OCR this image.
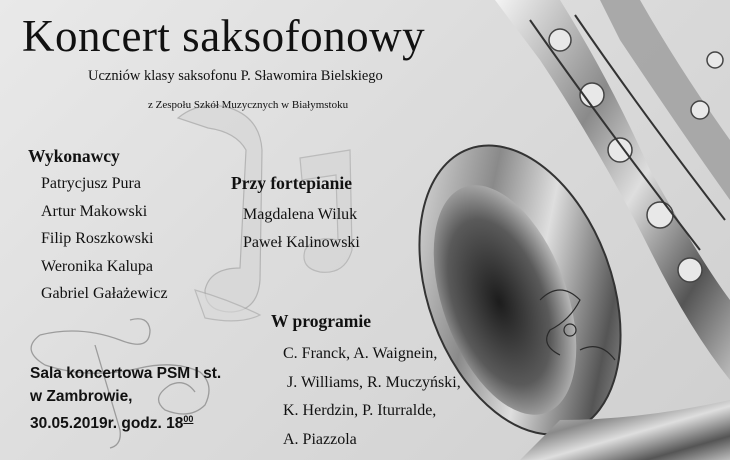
Koncert saksofonowy
Uczniów klasy saksofonu P. Sławomira Bielskiego
z Zespołu Szkół Muzycznych w Białymstoku
Wykonawcy
Patrycjusz Pura
Artur Makowski
Filip Roszkowski
Weronika Kalupa
Gabriel Gałażewicz
Przy fortepianie
Magdalena Wiluk
Paweł Kalinowski
W programie
C. Franck, A. Waignein,
J. Williams, R. Muczyński,
K. Herdzin, P. Iturralde,
A. Piazzola
Sala koncertowa PSM I st.
w Zambrowie,
30.05.2019r. godz. $18^{00}$
